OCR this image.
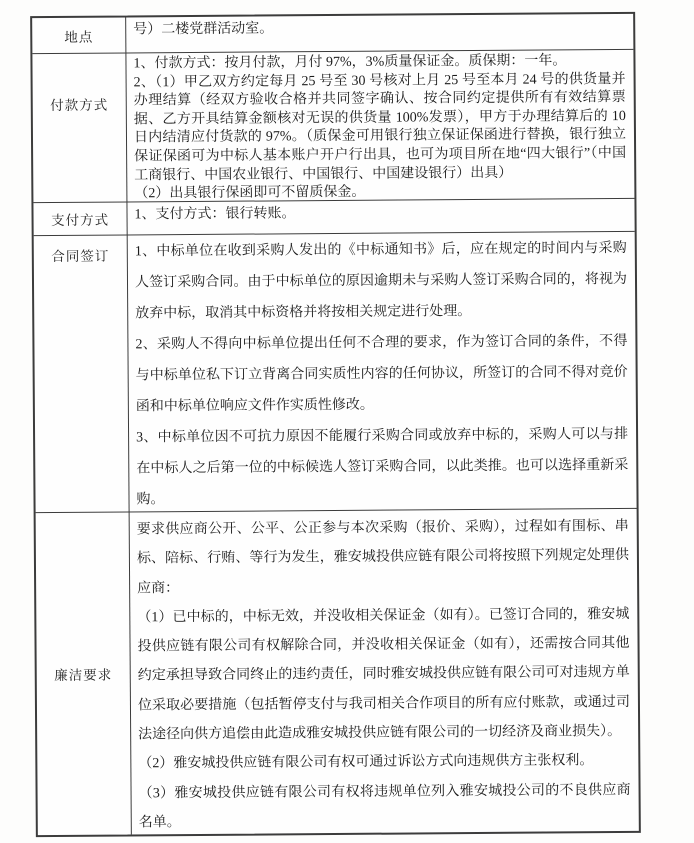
地点	号）二楼党群活动室。

付款方式

1、付款方式：按月付款，月付 97%，3%质量保证金。质保期：一年。

2、（1）甲乙双方约定每月 25 号至 30 号核对上月 25 号至本月 24 号的供货量并办理结算（经双方验收合格并共同签字确认、按合同约定提供所有有效结算票据、乙方开具结算金额核对无误的供货量 100%发票），甲方于办理结算后的 10 日内结清应付货款的 97%。（质保金可用银行独立保证保函进行替换，银行独立保证保函可为中标人基本账户开户行出具，也可为项目所在地“四大银行”（中国工商银行、中国农业银行、中国银行、中国建设银行）出具）

（2）出具银行保函即可不留质保金。

支付方式 1、支付方式：银行转账。

合同签订 1、中标单位在收到采购人发出的《中标通知书》后，应在规定的时间内与采购人签订采购合同。由于中标单位的原因逾期未与采购人签订采购合同的，将视为放弃中标，取消其中标资格并将按相关规定进行处理。

2、采购人不得向中标单位提出任何不合理的要求，作为签订合同的条件，不得与中标单位私下订立背离合同实质性内容的任何协议，所签订的合同不得对竞价函和中标单位响应文件作实质性修改。

3、中标单位因不可抗力原因不能履行采购合同或放弃中标的，采购人可以与排在中标人之后第一位的中标候选人签订采购合同，以此类推。也可以选择重新采购。

廉洁要求

要求供应商公开、公平、公正参与本次采购（报价、采购），过程如有围标、串标、陪标、行贿、等行为发生，雅安城投供应链有限公司将按照下列规定处理供应商：

（1）已中标的，中标无效，并没收相关保证金（如有）。已签订合同的，雅安城投供应链有限公司有权解除合同，并没收相关保证金（如有），还需按合同其他约定承担导致合同终止的违约责任，同时雅安城投供应链有限公司可对违规方单位采取必要措施（包括暂停支付与我司相关合作项目的所有应付账款，或通过司法途径向供方追偿由此造成雅安城投供应链有限公司的一切经济及商业损失）。

（2）雅安城投供应链有限公司有权可通过诉讼方式向违规供方主张权利。

（3）雅安城投供应链有限公司有权将违规单位列入雅安城投公司的不良供应商名单。
